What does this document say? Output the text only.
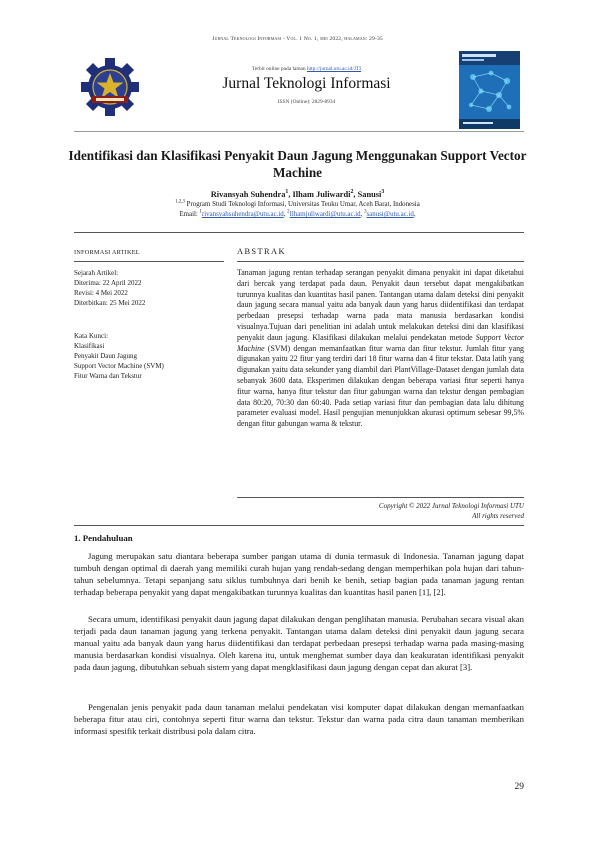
Jurnal Teknologi Informasi - Vol. 1 No. 1, mei 2022, halaman: 29-35
Terbit online pada laman http://jurnal.utu.ac.id/JTI
Jurnal Teknologi Informasi
ISSN (Online): 2829-8934
Identifikasi dan Klasifikasi Penyakit Daun Jagung Menggunakan Support Vector Machine
Rivansyah Suhendra$^1$, Ilham Juliwardi$^2$, Sanusi$^3$
$^{1,2,3}$ Program Studi Teknologi Informasi, Universitas Teuku Umar, Aceh Barat, Indonesia
Email: $^1$rivansyahsuhendra@utu.ac.id, $^2$Ilhamjuliwardi@utu.ac.id, $^3$sanusi@utu.ac.id,
INFORMASI ARTIKEL	ABSTRAK
Sejarah Artikel:
Diterima: 22 April 2022
Revisi: 4 Mei 2022
Diterbitkan: 25 Mei 2022
Kata Kunci:
Klasifikasi
Penyakit Daun Jagung
Support Vector Machine (SVM)
Fitur Warna dan Tekstur
Tanaman jagung rentan terhadap serangan penyakit dimana penyakit ini dapat diketahui dari bercak yang terdapat pada daun. Penyakit daun tersebut dapat mengakibatkan turunnya kualitas dan kuantitas hasil panen. Tantangan utama dalam deteksi dini penyakit daun jagung secara manual yaitu ada banyak daun yang harus diidentifikasi dan terdapat perbedaan presepsi terhadap warna pada mata manusia berdasarkan kondisi visualnya.Tujuan dari penelitian ini adalah untuk melakukan deteksi dini dan klasifikasi penyakit daun jagung. Klasifikasi dilakukan melalui pendekatan metode Support Vector Machine (SVM) dengan memanfaatkan fitur warna dan fitur tekstur. Jumlah fitur yang digunakan yaitu 22 fitur yang terdiri dari 18 fitur warna dan 4 fitur tekstar. Data latih yang digunakan yaitu data sekunder yang diambil dari PlantVillage-Dataset dengan jumlah data sebanyak 3600 data. Eksperimen dilakukan dengan beberapa variasi fitur seperti hanya fitur warna, hanya fitur tekstur dan fitur gabungan warna dan tekstur dengan pembagian data 80:20, 70:30 dan 60:40. Pada setiap variasi fitur dan pembagian data lalu dihitung parameter evaluasi model. Hasil pengujian menunjukkan akurasi optimum sebesar 99,5% dengan fitur gabungan warna & tekstur.
Copyright © 2022 Jurnal Teknologi Informasi UTU
All rights reserved
1. Pendahuluan

Jagung merupakan satu diantara beberapa sumber pangan utama di dunia termasuk di Indonesia. Tanaman jagung dapat tumbuh dengan optimal di daerah yang memiliki curah hujan yang rendah-sedang dengan memperhikan pola hujan dari tahun-tahun sebelumnya. Tetapi sepanjang satu siklus tumbuhnya dari benih ke benih, setiap bagian pada tanaman jagung rentan terhadap beberapa penyakit yang dapat mengakibatkan turunnya kualitas dan kuantitas hasil panen [1], [2].

Secara umum, identifikasi penyakit daun jagung dapat dilakukan dengan penglihatan manusia. Perubahan secara visual akan terjadi pada daun tanaman jagung yang terkena penyakit. Tantangan utama dalam deteksi dini penyakit daun jagung secara manual yaitu ada banyak daun yang harus diidentifikasi dan terdapat perbedaan presepsi terhadap warna pada masing-masing manusia berdasarkan kondisi visualnya. Oleh karena itu, untuk menghemat sumber daya dan keakuratan identifikasi penyakit pada daun jagung, dibutuhkan sebuah sistem yang dapat mengklasifikasi daun jagung dengan cepat dan akurat [3].

Pengenalan jenis penyakit pada daun tanaman melalui pendekatan visi komputer dapat dilakukan dengan memanfaatkan beberapa fitur atau ciri, contohnya seperti fitur warna dan tekstur. Tekstur dan warna pada citra daun tanaman memberikan informasi spesifik terkait distribusi pola dalam citra.

29
